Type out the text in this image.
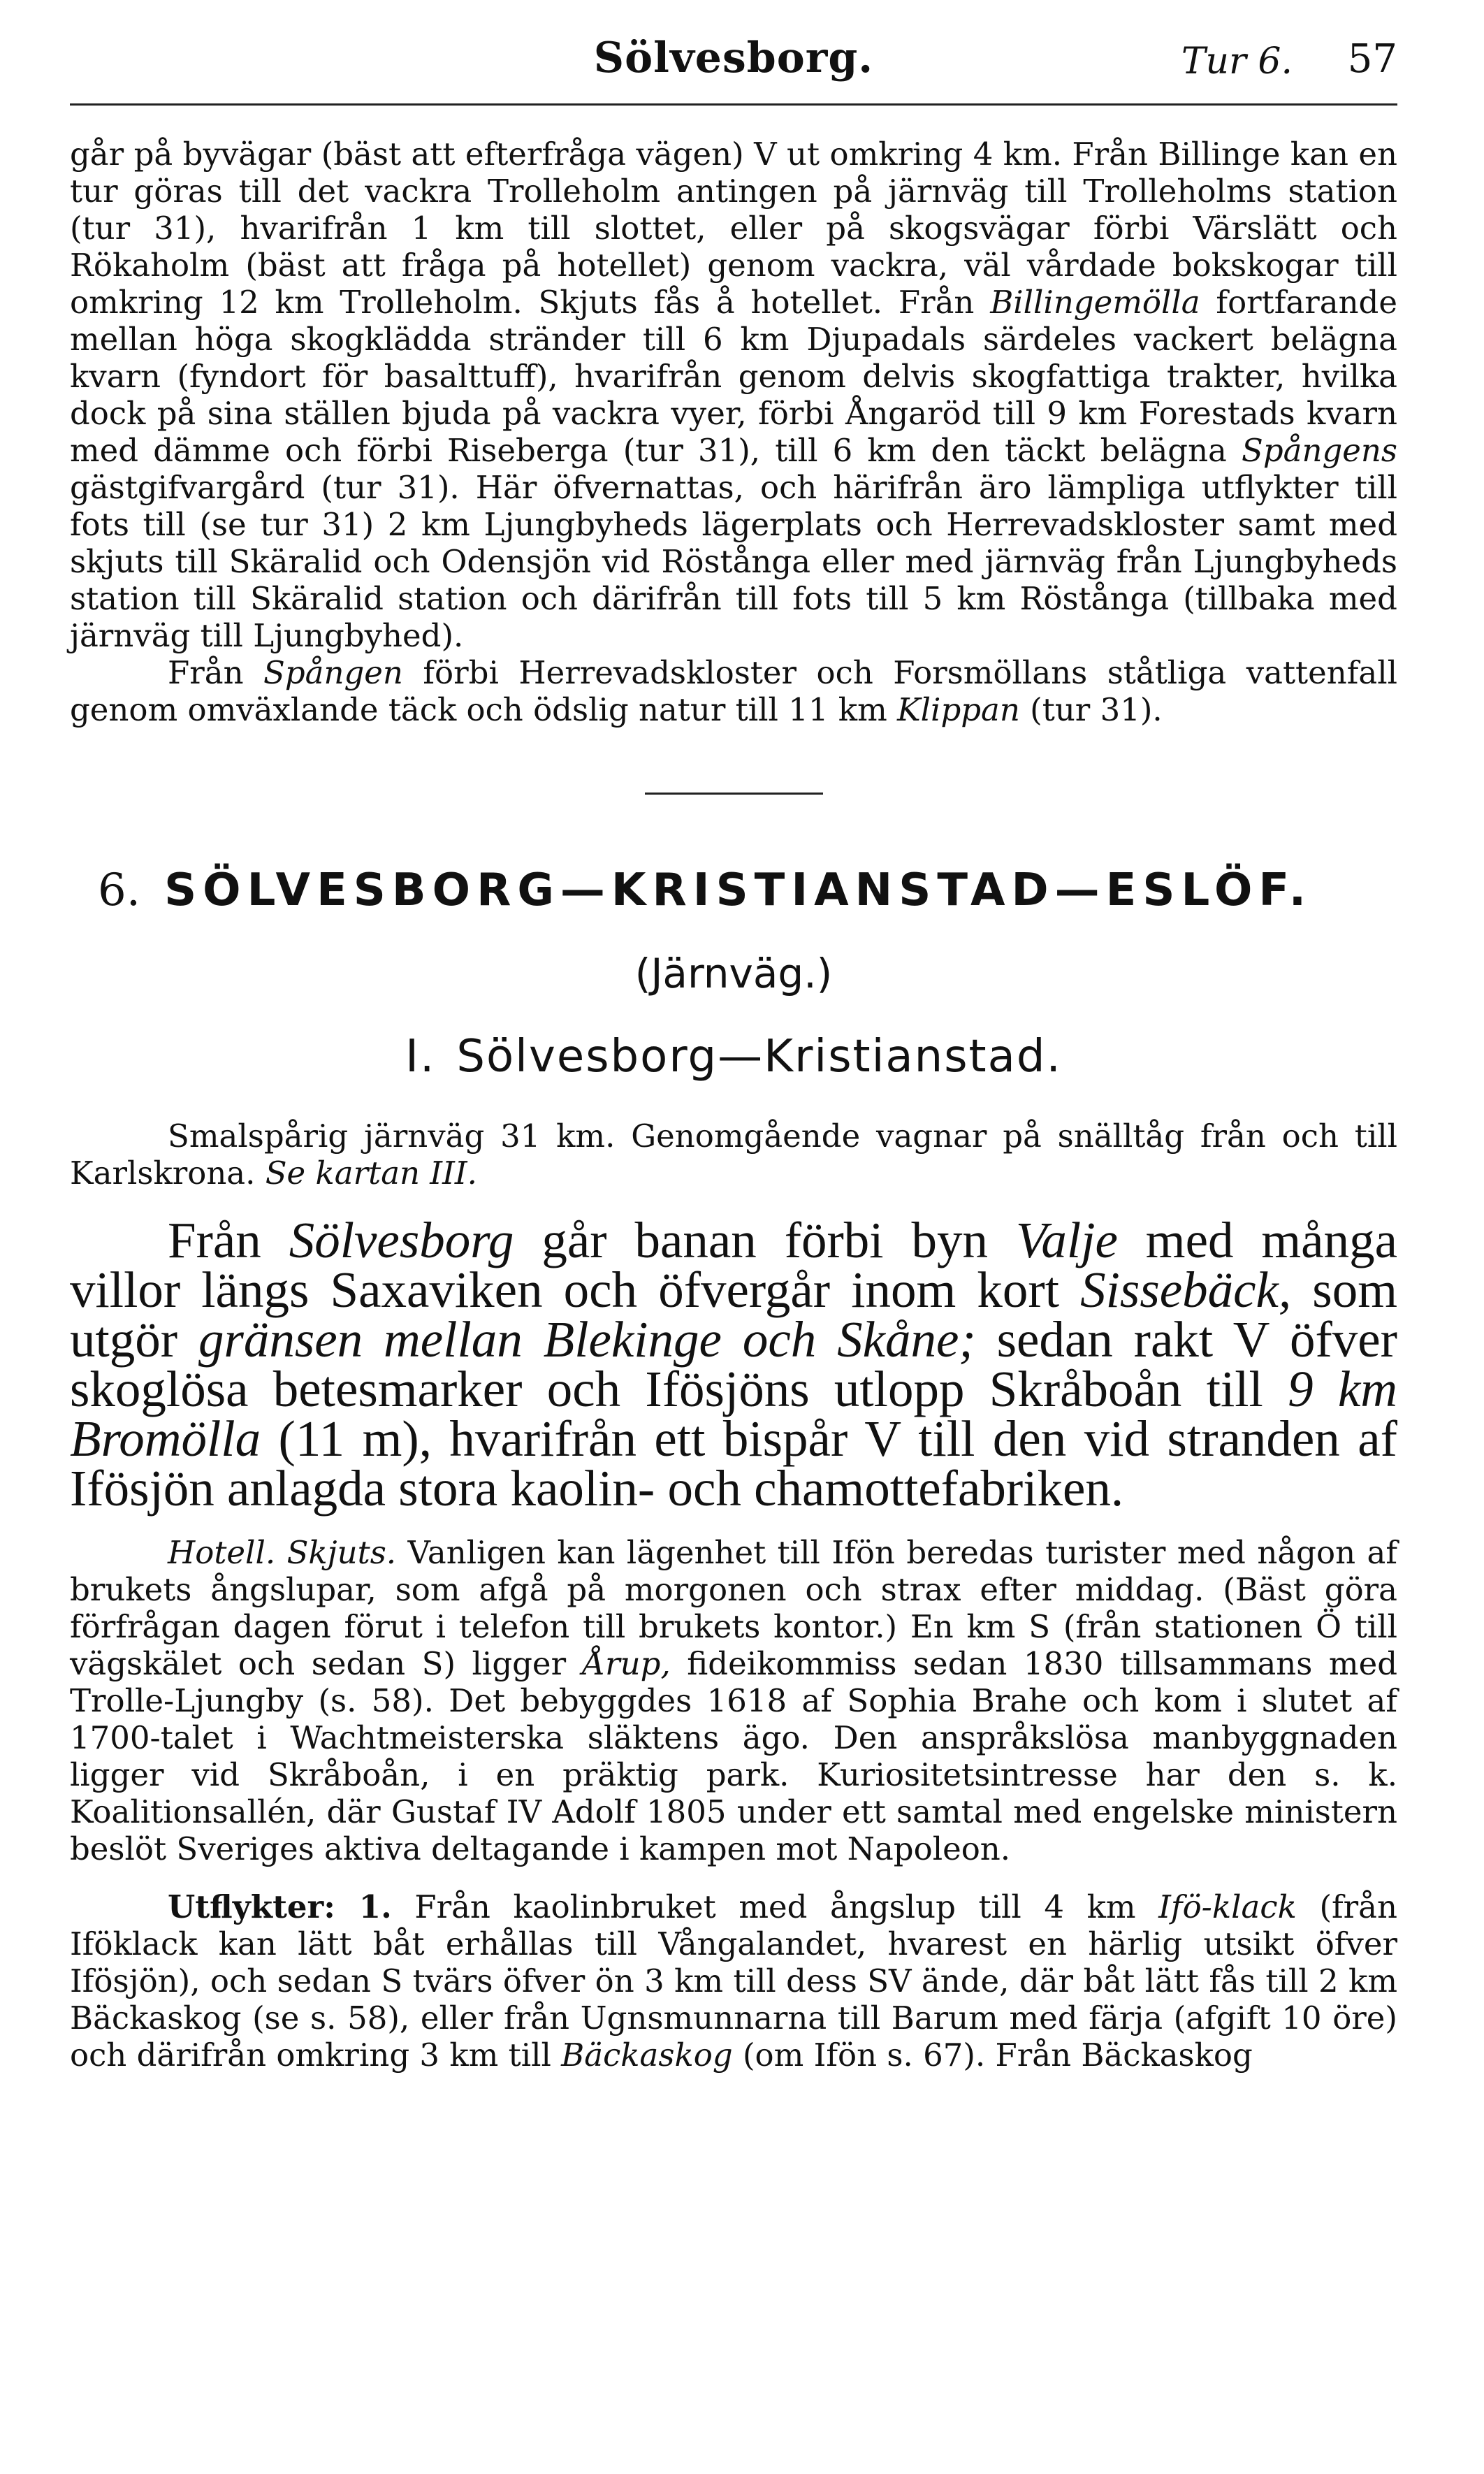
Sölvesborg.	Tur 6. 57

går på byvägar (bäst att efterfråga vägen) V ut omkring 4 km. Från Billinge kan en tur göras till det vackra Trolleholm antingen på järnväg till Trolleholms station (tur 31), hvarifrån 1 km till slottet, eller på skogsvägar förbi Värslätt och Rökaholm (bäst att fråga på hotellet) genom vackra, väl vårdade bokskogar till omkring 12 km Trolleholm. Skjuts fås å hotellet. Från Billingemölla fortfarande mellan höga skogklädda stränder till 6 km Djupadals särdeles vackert belägna kvarn (fyndort för basalttuff), hvarifrån genom delvis skogfattiga trakter, hvilka dock på sina ställen bjuda på vackra vyer, förbi Ångaröd till 9 km Forestads kvarn med dämme och förbi Riseberga (tur 31), till 6 km den täckt belägna Spångens gästgifvargård (tur 31). Här öfvernattas, och härifrån äro lämpliga utflykter till fots till (se tur 31) 2 km Ljungbyheds lägerplats och Herrevadskloster samt med skjuts till Skäralid och Odensjön vid Röstånga eller med järnväg från Ljungbyheds station till Skäralid station och därifrån till fots till 5 km Röstånga (tillbaka med järnväg till Ljungbyhed).

Från Spången förbi Herrevadskloster och Forsmöllans ståtliga vattenfall genom omväxlande täck och ödslig natur till 11 km Klippan (tur 31).

6. SÖLVESBORG—KRISTIANSTAD—ESLÖF.
(Järnväg.)
I. Sölvesborg—Kristianstad.

Smalspårig järnväg 31 km. Genomgående vagnar på snälltåg från och till Karlskrona. Se kartan III.

Från Sölvesborg går banan förbi byn Valje med många villor längs Saxaviken och öfvergår inom kort Sissebäck, som utgör gränsen mellan Blekinge och Skåne; sedan rakt V öfver skoglösa betesmarker och Ifösjöns utlopp Skråboån till 9 km Bromölla (11 m), hvarifrån ett bispår V till den vid stranden af Ifösjön anlagda stora kaolin- och chamottefabriken.

Hotell. Skjuts. Vanligen kan lägenhet till Ifön beredas turister med någon af brukets ångslupar, som afgå på morgonen och strax efter middag. (Bäst göra förfrågan dagen förut i telefon till brukets kontor.) En km S (från stationen Ö till vägskälet och sedan S) ligger Årup, fideikommiss sedan 1830 tillsammans med Trolle-Ljungby (s. 58). Det bebyggdes 1618 af Sophia Brahe och kom i slutet af 1700-talet i Wachtmeisterska släktens ägo. Den anspråkslösa manbyggnaden ligger vid Skråboån, i en präktig park. Kuriositetsintresse har den s. k. Koalitionsallén, där Gustaf IV Adolf 1805 under ett samtal med engelske ministern beslöt Sveriges aktiva deltagande i kampen mot Napoleon.

Utflykter: 1. Från kaolinbruket med ångslup till 4 km Ifö-klack (från Iföklack kan lätt båt erhållas till Vångalandet, hvarest en härlig utsikt öfver Ifösjön), och sedan S tvärs öfver ön 3 km till dess SV ände, där båt lätt fås till 2 km Bäckaskog (se s. 58), eller från Ugnsmunnarna till Barum med färja (afgift 10 öre) och därifrån omkring 3 km till Bäckaskog (om Ifön s. 67). Från Bäckaskog
